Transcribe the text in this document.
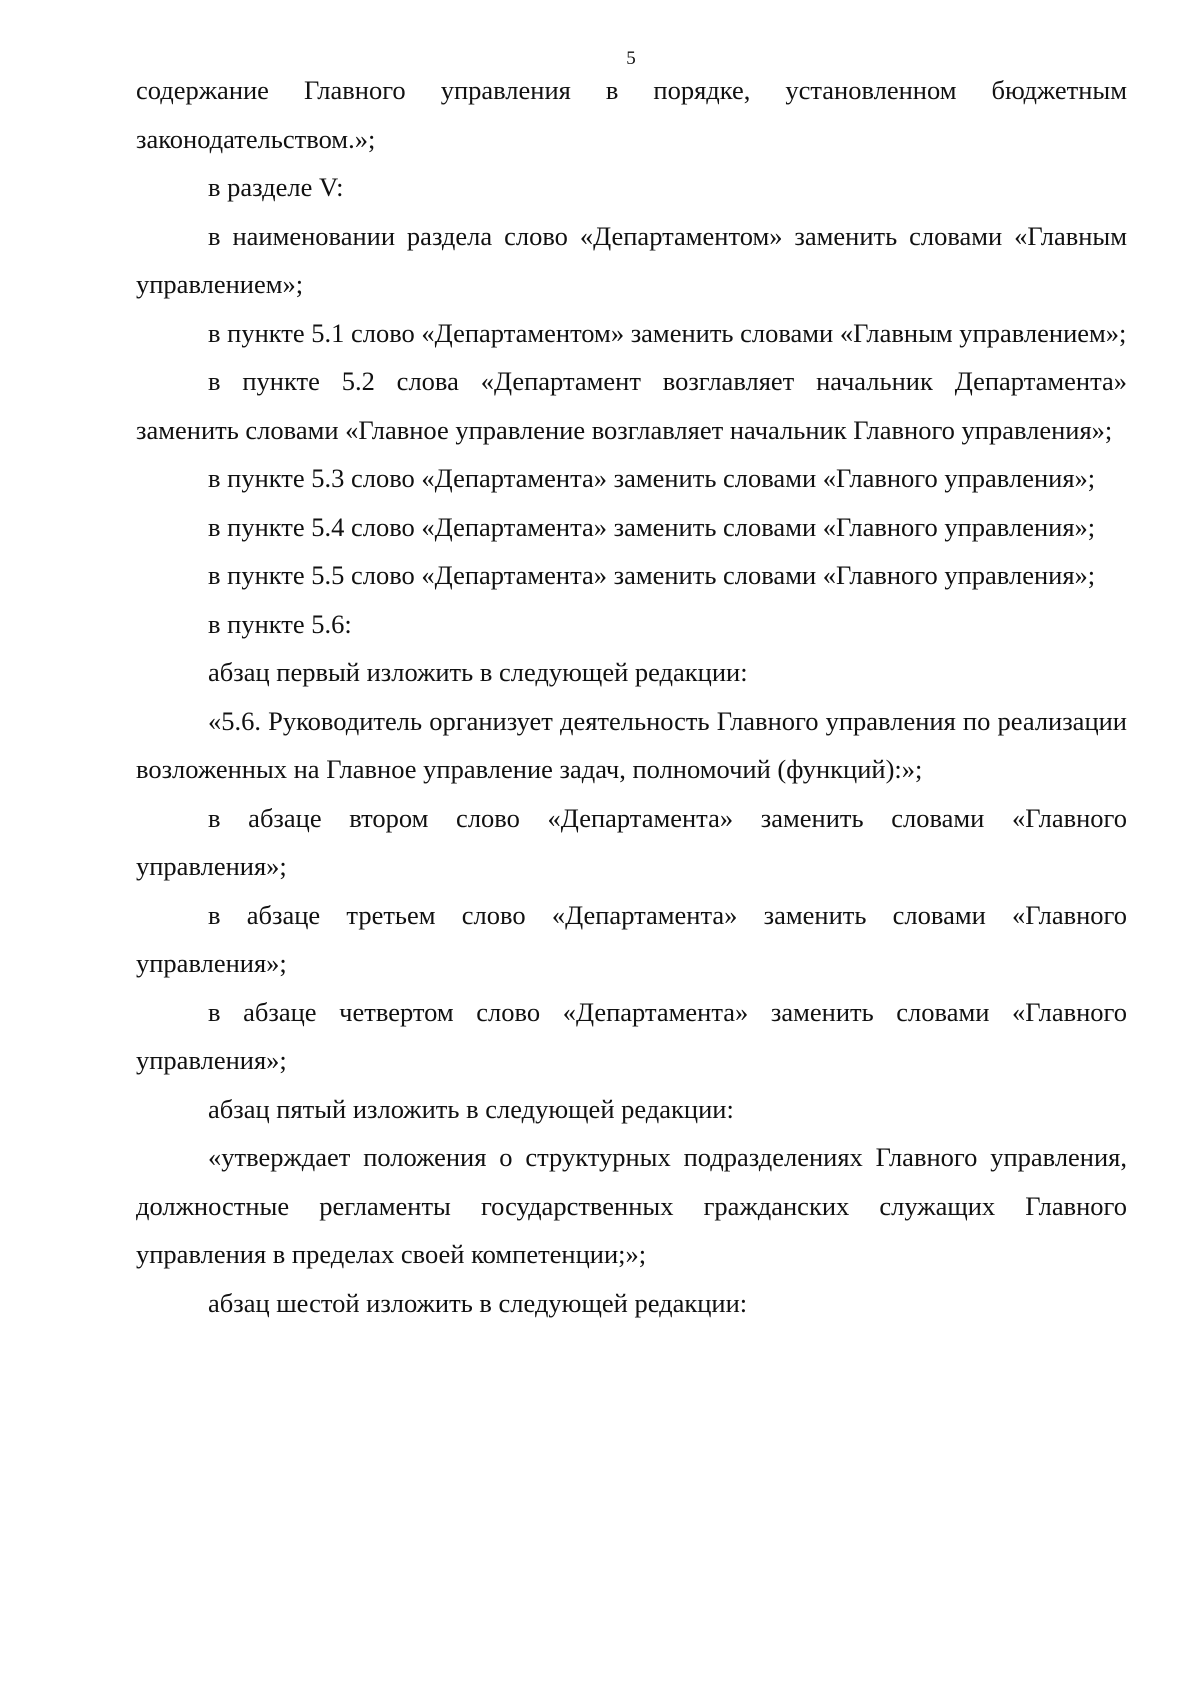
5

содержание Главного управления в порядке, установленном бюджетным законодательством.»;

в разделе V:

в наименовании раздела слово «Департаментом» заменить словами «Главным управлением»;

в пункте 5.1 слово «Департаментом» заменить словами «Главным управлением»;

в пункте 5.2 слова «Департамент возглавляет начальник Департамента» заменить словами «Главное управление возглавляет начальник Главного управления»;

в пункте 5.3 слово «Департамента» заменить словами «Главного управления»;

в пункте 5.4 слово «Департамента» заменить словами «Главного управления»;

в пункте 5.5 слово «Департамента» заменить словами «Главного управления»;

в пункте 5.6:

абзац первый изложить в следующей редакции:

«5.6. Руководитель организует деятельность Главного управления по реализации возложенных на Главное управление задач, полномочий (функций):»;

в абзаце втором слово «Департамента» заменить словами «Главного управления»;

в абзаце третьем слово «Департамента» заменить словами «Главного управления»;

в абзаце четвертом слово «Департамента» заменить словами «Главного управления»;

абзац пятый изложить в следующей редакции:

«утверждает положения о структурных подразделениях Главного управления, должностные регламенты государственных гражданских служащих Главного управления в пределах своей компетенции;»;

абзац шестой изложить в следующей редакции:
